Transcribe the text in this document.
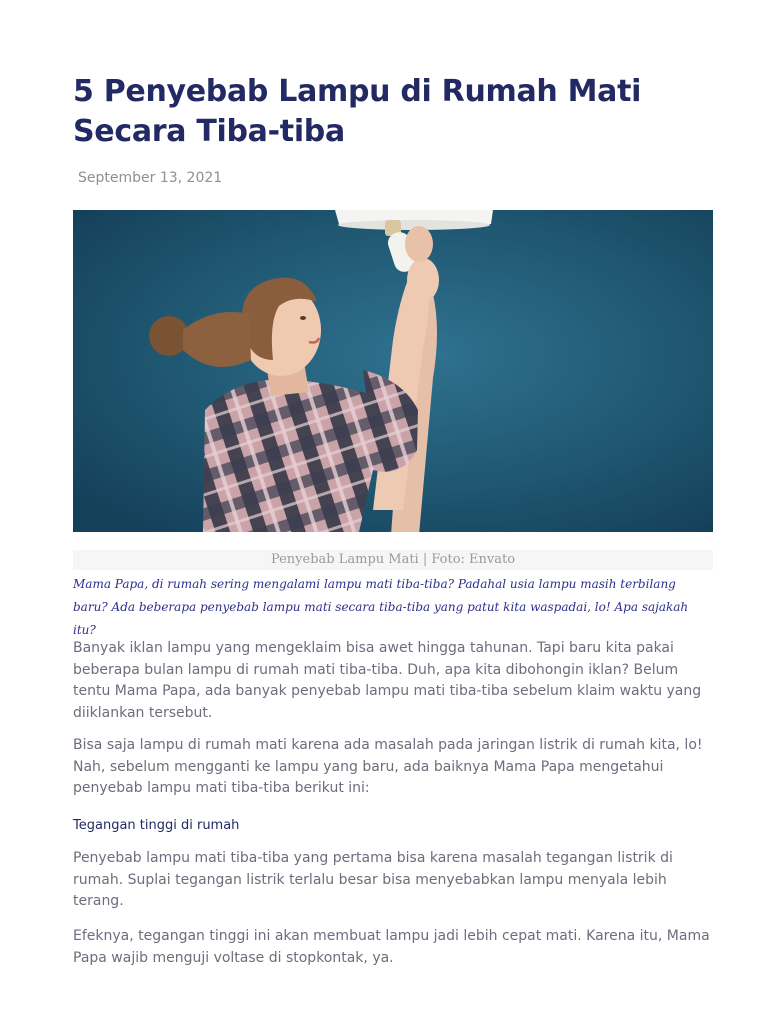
5 Penyebab Lampu di Rumah Mati Secara Tiba-tiba
September 13, 2021
Penyebab Lampu Mati | Foto: Envato

Mama Papa, di rumah sering mengalami lampu mati tiba-tiba? Padahal usia lampu masih terbilang baru? Ada beberapa penyebab lampu mati secara tiba-tiba yang patut kita waspadai, lo! Apa sajakah itu?

Banyak iklan lampu yang mengeklaim bisa awet hingga tahunan. Tapi baru kita pakai beberapa bulan lampu di rumah mati tiba-tiba. Duh, apa kita dibohongin iklan? Belum tentu Mama Papa, ada banyak penyebab lampu mati tiba-tiba sebelum klaim waktu yang diiklankan tersebut.

Bisa saja lampu di rumah mati karena ada masalah pada jaringan listrik di rumah kita, lo! Nah, sebelum mengganti ke lampu yang baru, ada baiknya Mama Papa mengetahui penyebab lampu mati tiba-tiba berikut ini:

Tegangan tinggi di rumah

Penyebab lampu mati tiba-tiba yang pertama bisa karena masalah tegangan listrik di rumah. Suplai tegangan listrik terlalu besar bisa menyebabkan lampu menyala lebih terang.

Efeknya, tegangan tinggi ini akan membuat lampu jadi lebih cepat mati. Karena itu, Mama Papa wajib menguji voltase di stopkontak, ya.
